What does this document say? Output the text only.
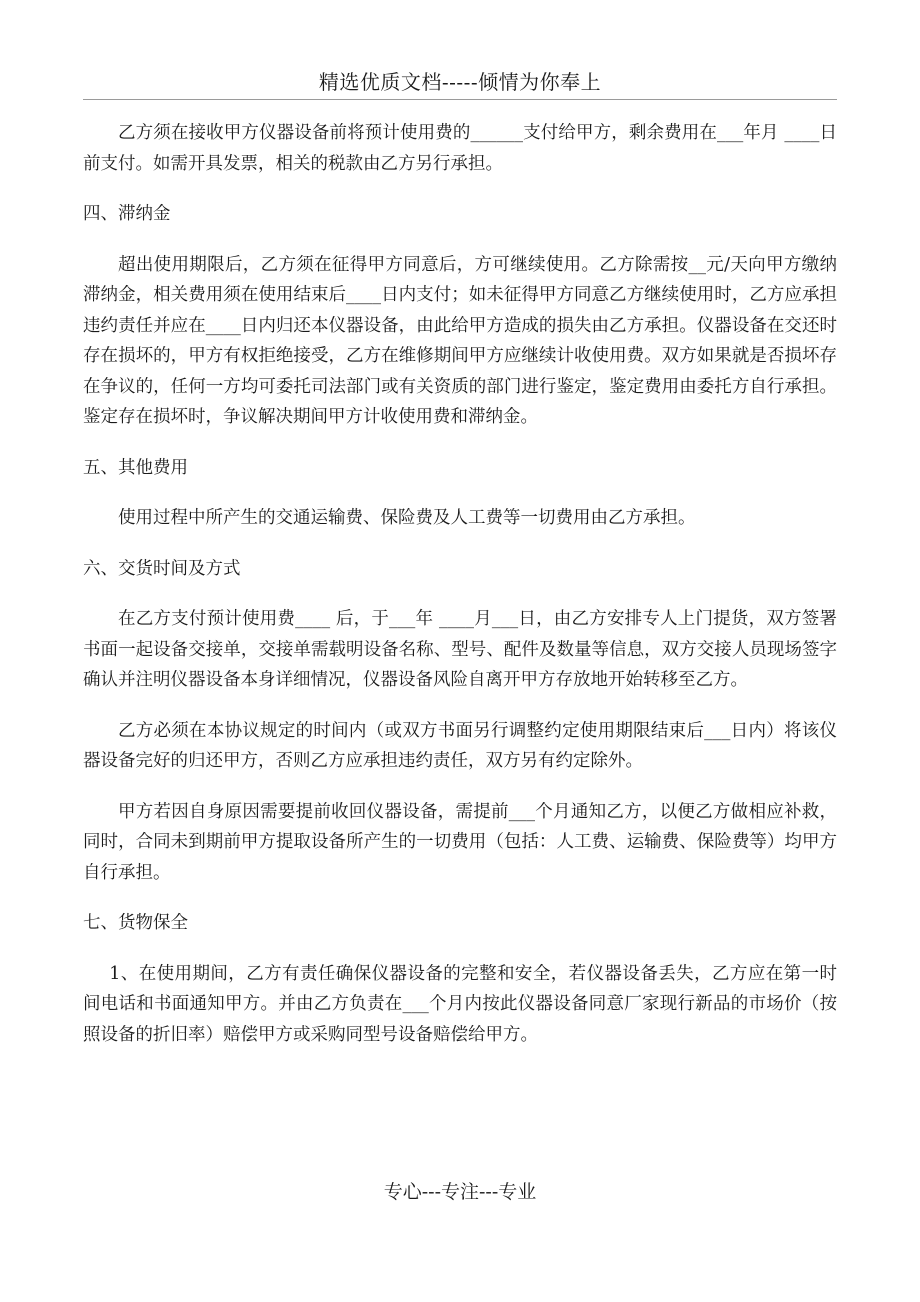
精选优质文档-----倾情为你奉上

乙方须在接收甲方仪器设备前将预计使用费的______支付给甲方，剩余费用在___年月 ____日前支付。如需开具发票，相关的税款由乙方另行承担。

四、滞纳金

超出使用期限后，乙方须在征得甲方同意后，方可继续使用。乙方除需按__元/天向甲方缴纳滞纳金，相关费用须在使用结束后____日内支付；如未征得甲方同意乙方继续使用时，乙方应承担违约责任并应在____日内归还本仪器设备，由此给甲方造成的损失由乙方承担。仪器设备在交还时存在损坏的，甲方有权拒绝接受，乙方在维修期间甲方应继续计收使用费。双方如果就是否损坏存在争议的，任何一方均可委托司法部门或有关资质的部门进行鉴定，鉴定费用由委托方自行承担。鉴定存在损坏时，争议解决期间甲方计收使用费和滞纳金。

五、其他费用

使用过程中所产生的交通运输费、保险费及人工费等一切费用由乙方承担。

六、交货时间及方式

在乙方支付预计使用费____ 后，于___年 ____月___日，由乙方安排专人上门提货，双方签署书面一起设备交接单，交接单需载明设备名称、型号、配件及数量等信息，双方交接人员现场签字确认并注明仪器设备本身详细情况，仪器设备风险自离开甲方存放地开始转移至乙方。

乙方必须在本协议规定的时间内（或双方书面另行调整约定使用期限结束后___日内）将该仪器设备完好的归还甲方，否则乙方应承担违约责任，双方另有约定除外。

甲方若因自身原因需要提前收回仪器设备，需提前___个月通知乙方，以便乙方做相应补救，同时，合同未到期前甲方提取设备所产生的一切费用（包括：人工费、运输费、保险费等）均甲方自行承担。

七、货物保全

1、在使用期间，乙方有责任确保仪器设备的完整和安全，若仪器设备丢失，乙方应在第一时间电话和书面通知甲方。并由乙方负责在___个月内按此仪器设备同意厂家现行新品的市场价（按照设备的折旧率）赔偿甲方或采购同型号设备赔偿给甲方。

专心---专注---专业
